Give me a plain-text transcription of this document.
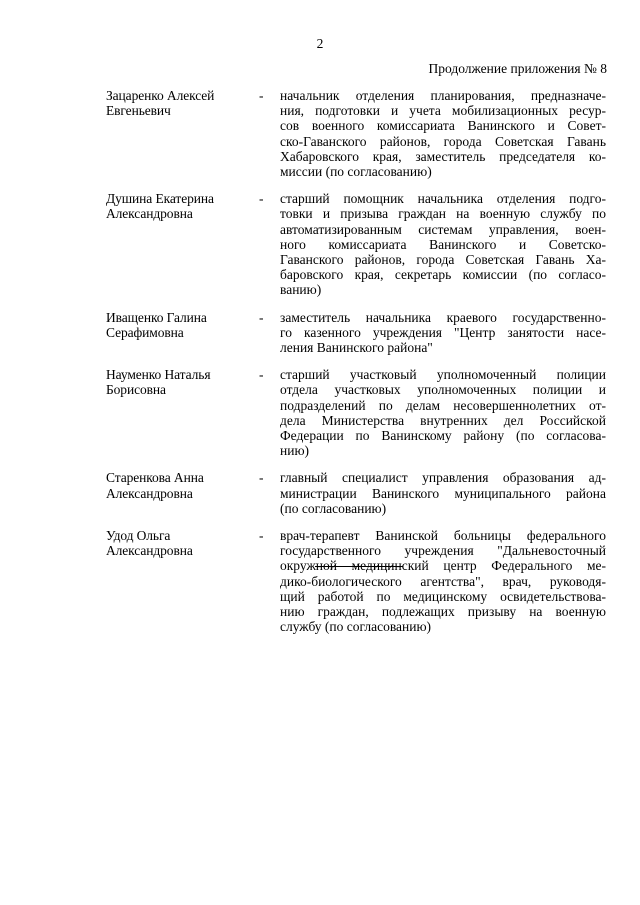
2
Продолжение приложения № 8
Зацаренко Алексей
Евгеньевич
-	начальник отделения планирования, предназначе-
ния, подготовки и учета мобилизационных ресур-
сов военного комиссариата Ванинского и Совет-
ско-Гаванского районов, города Советская Гавань
Хабаровского края, заместитель председателя ко-
миссии (по согласованию)
Душина Екатерина
Александровна
-	старший помощник начальника отделения подго-
товки и призыва граждан на военную службу по
автоматизированным системам управления, воен-
ного комиссариата Ванинского и Советско-
Гаванского районов, города Советская Гавань Ха-
баровского края, секретарь комиссии (по согласо-
ванию)
Иващенко Галина
Серафимовна
-	заместитель начальника краевого государственно-
го казенного учреждения "Центр занятости насе-
ления Ванинского района"
Науменко Наталья
Борисовна
-	старший участковый уполномоченный полиции
отдела участковых уполномоченных полиции и
подразделений по делам несовершеннолетних от-
дела Министерства внутренних дел Российской
Федерации по Ванинскому району (по согласова-
нию)
Старенкова Анна
Александровна
-	главный специалист управления образования ад-
министрации Ванинского муниципального района
(по согласованию)
Удод Ольга
Александровна
-	врач-терапевт Ванинской больницы федерального
государственного учреждения "Дальневосточный
окружной медицинский центр Федерального ме-
дико-биологического агентства", врач, руководя-
щий работой по медицинскому освидетельствова-
нию граждан, подлежащих призыву на военную
службу (по согласованию)
